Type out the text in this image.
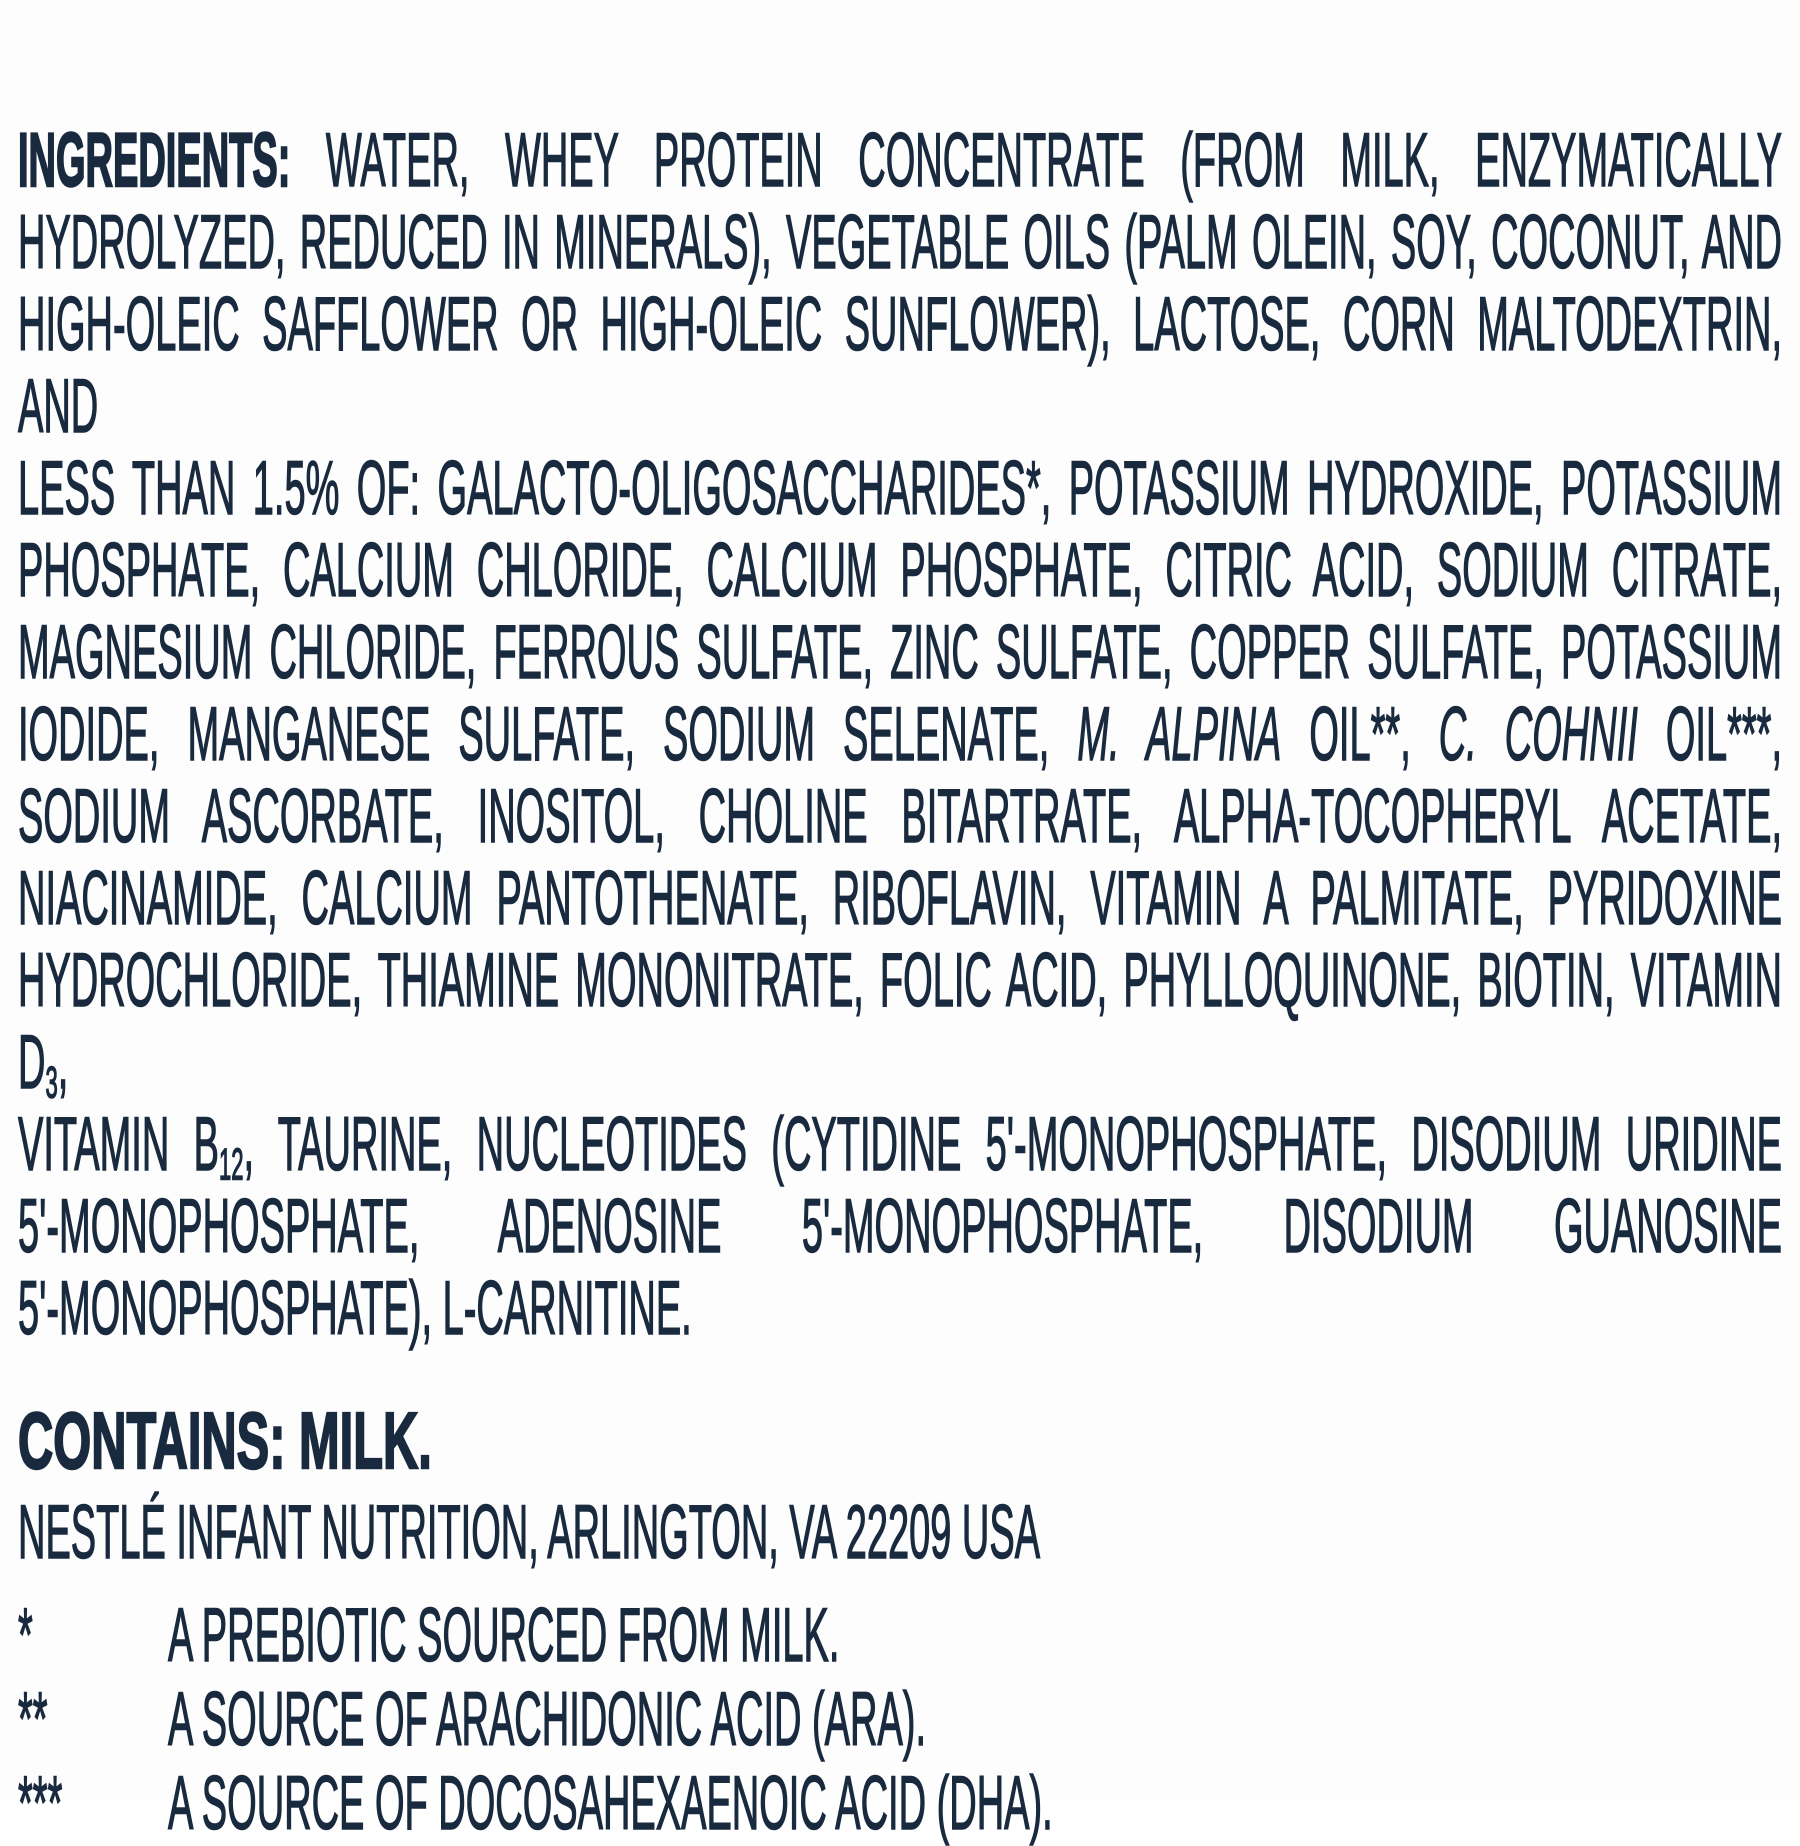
INGREDIENTS: WATER, WHEY PROTEIN CONCENTRATE (FROM MILK, ENZYMATICALLY
HYDROLYZED, REDUCED IN MINERALS), VEGETABLE OILS (PALM OLEIN, SOY, COCONUT, AND
HIGH-OLEIC SAFFLOWER OR HIGH-OLEIC SUNFLOWER), LACTOSE, CORN MALTODEXTRIN, AND
LESS THAN 1.5% OF: GALACTO-OLIGOSACCHARIDES*, POTASSIUM HYDROXIDE, POTASSIUM
PHOSPHATE, CALCIUM CHLORIDE, CALCIUM PHOSPHATE, CITRIC ACID, SODIUM CITRATE,
MAGNESIUM CHLORIDE, FERROUS SULFATE, ZINC SULFATE, COPPER SULFATE, POTASSIUM
IODIDE, MANGANESE SULFATE, SODIUM SELENATE, M. ALPINA OIL**, C. COHNII OIL***,
SODIUM ASCORBATE, INOSITOL, CHOLINE BITARTRATE, ALPHA-TOCOPHERYL ACETATE,
NIACINAMIDE, CALCIUM PANTOTHENATE, RIBOFLAVIN, VITAMIN A PALMITATE, PYRIDOXINE
HYDROCHLORIDE, THIAMINE MONONITRATE, FOLIC ACID, PHYLLOQUINONE, BIOTIN, VITAMIN $D_3$,
VITAMIN $B_{12}$, TAURINE, NUCLEOTIDES (CYTIDINE 5'-MONOPHOSPHATE, DISODIUM URIDINE
5'-MONOPHOSPHATE, ADENOSINE 5'-MONOPHOSPHATE, DISODIUM GUANOSINE
5'-MONOPHOSPHATE), L-CARNITINE.
CONTAINS: MILK.
NESTLÉ INFANT NUTRITION, ARLINGTON, VA 22209 USA
*	A PREBIOTIC SOURCED FROM MILK.
**	A SOURCE OF ARACHIDONIC ACID (ARA).
***	A SOURCE OF DOCOSAHEXAENOIC ACID (DHA).
